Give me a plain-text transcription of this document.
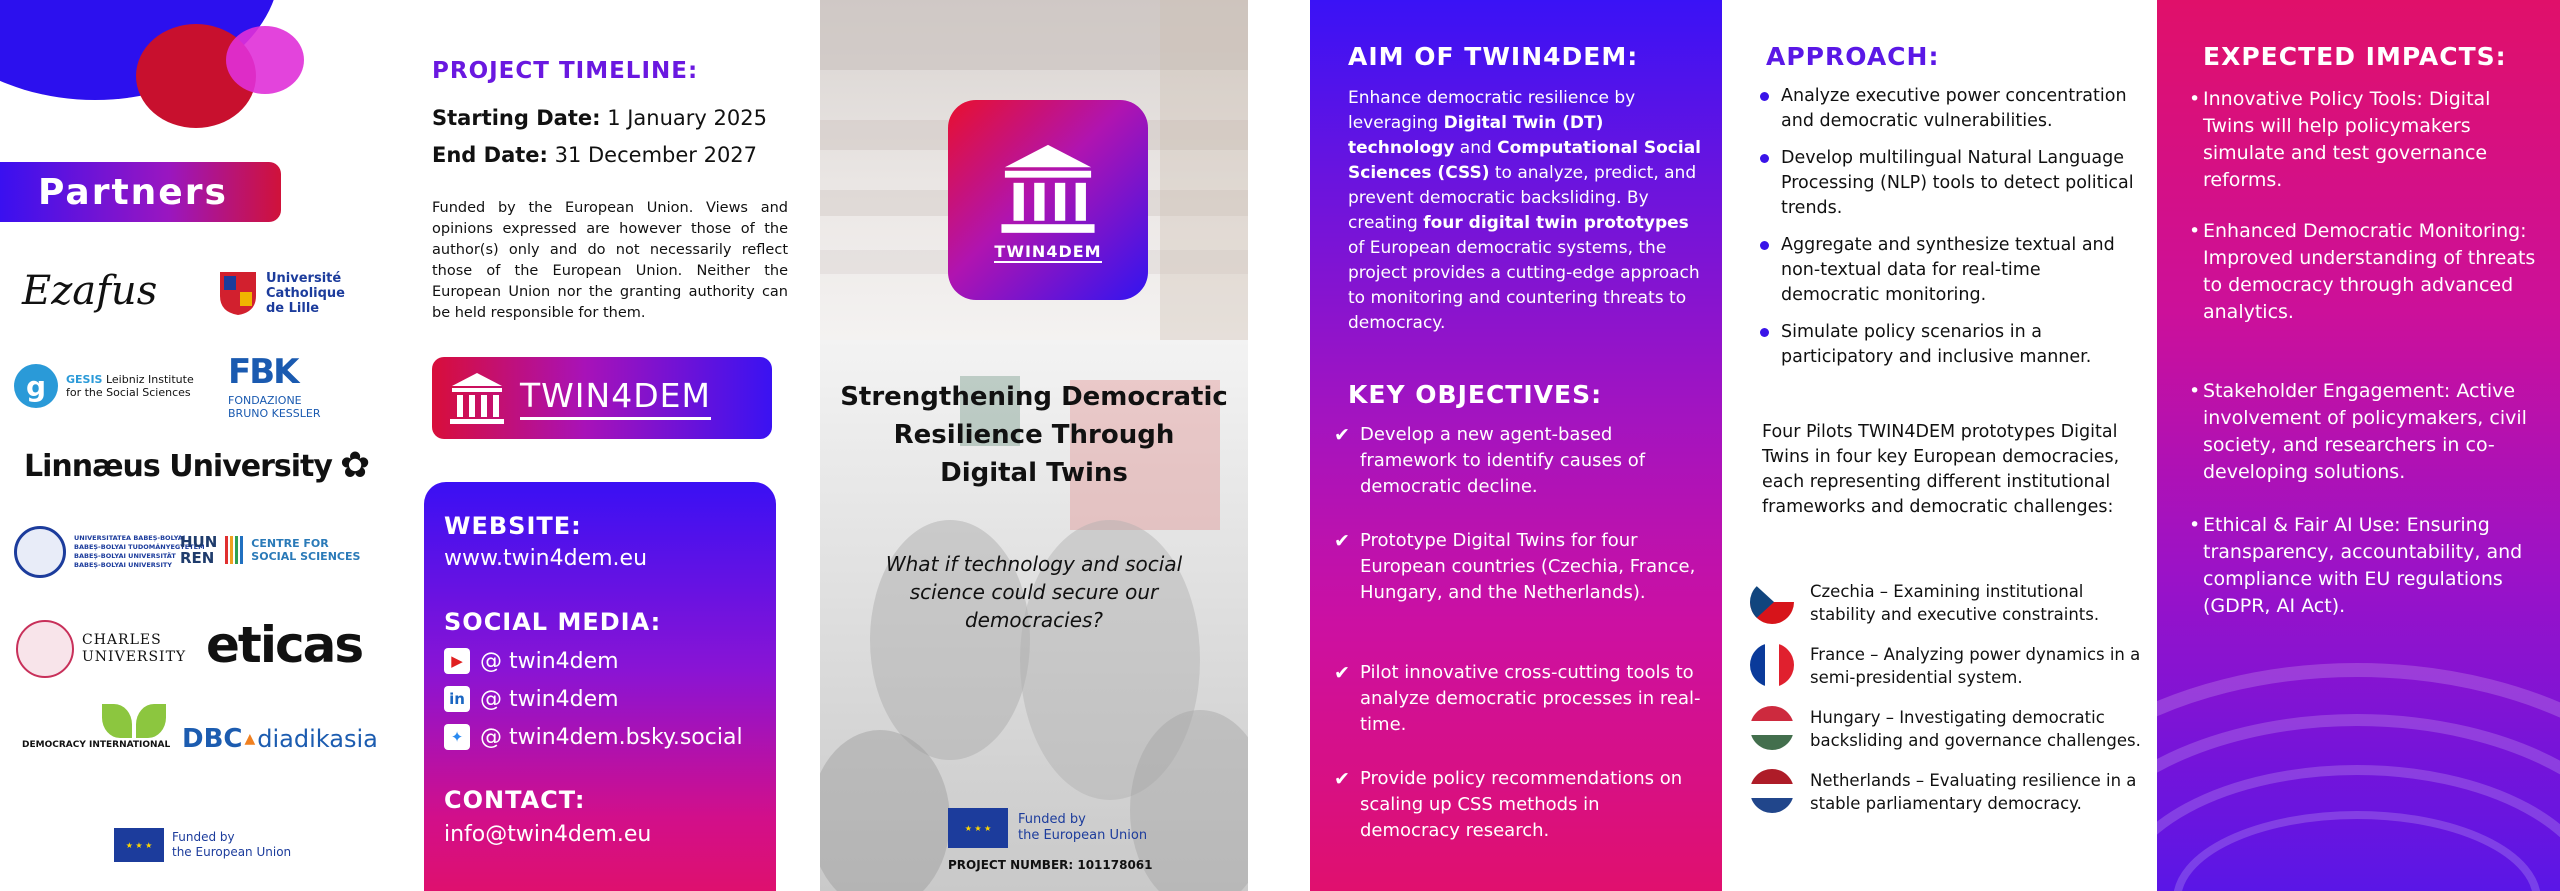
Partners
Ezafus	Université
Catholique
de Lille
g	GESIS Leibniz Institute
for the Social Sciences
FBK
FONDAZIONE
BRUNO KESSLER
Linnæus University ✿
UNIVERSITATEA BABEȘ-BOLYAI
BABEȘ-BOLYAI TUDOMÁNYEGYETEM
BABEȘ-BOLYAI UNIVERSITÄT
BABEȘ-BOLYAI UNIVERSITY
HUN
REN
CENTRE FOR
SOCIAL SCIENCES
CHARLES
UNIVERSITY eticas
DEMOCRACY INTERNATIONAL DBC ▲ diadikasia
★ ★ ★
Funded by
the European Union
PROJECT TIMELINE:
Starting Date: 1 January 2025
End Date: 31 December 2027

Funded by the European Union. Views and opinions expressed are however those of the author(s) only and do not necessarily reflect those of the European Union. Neither the European Union nor the granting authority can be held responsible for them.

TWIN4DEM
WEBSITE:
www.twin4dem.eu
SOCIAL MEDIA:
▶ @ twin4dem
in @ twin4dem
✦ @ twin4dem.bsky.social
CONTACT:
info@twin4dem.eu
TWIN4DEM
Strengthening Democratic
Resilience Through
Digital Twins
What if technology and social science could secure our democracies?
★ ★ ★
Funded by
the European Union
PROJECT NUMBER: 101178061
AIM OF TWIN4DEM:

Enhance democratic resilience by leveraging Digital Twin (DT) technology and Computational Social Sciences (CSS) to analyze, predict, and prevent democratic backsliding. By creating four digital twin prototypes of European democratic systems, the project provides a cutting-edge approach to monitoring and countering threats to democracy.

KEY OBJECTIVES:
✔ Develop a new agent-based framework to identify causes of democratic decline.
✔ Prototype Digital Twins for four European countries (Czechia, France, Hungary, and the Netherlands).
✔ Pilot innovative cross-cutting tools to analyze democratic processes in real-time.
✔ Provide policy recommendations on scaling up CSS methods in democracy research.
APPROACH:
Analyze executive power concentration and democratic vulnerabilities.
Develop multilingual Natural Language Processing (NLP) tools to detect political trends.
Aggregate and synthesize textual and non-textual data for real-time democratic monitoring.
Simulate policy scenarios in a participatory and inclusive manner.

Four Pilots TWIN4DEM prototypes Digital Twins in four key European democracies, each representing different institutional frameworks and democratic challenges:

Czechia – Examining institutional stability and executive constraints.
France – Analyzing power dynamics in a semi-presidential system.
Hungary – Investigating democratic backsliding and governance challenges.
Netherlands – Evaluating resilience in a stable parliamentary democracy.
EXPECTED IMPACTS:
• Innovative Policy Tools: Digital Twins will help policymakers simulate and test governance reforms.
• Enhanced Democratic Monitoring: Improved understanding of threats to democracy through advanced analytics.
• Stakeholder Engagement: Active involvement of policymakers, civil society, and researchers in co-developing solutions.
• Ethical & Fair AI Use: Ensuring transparency, accountability, and compliance with EU regulations (GDPR, AI Act).
